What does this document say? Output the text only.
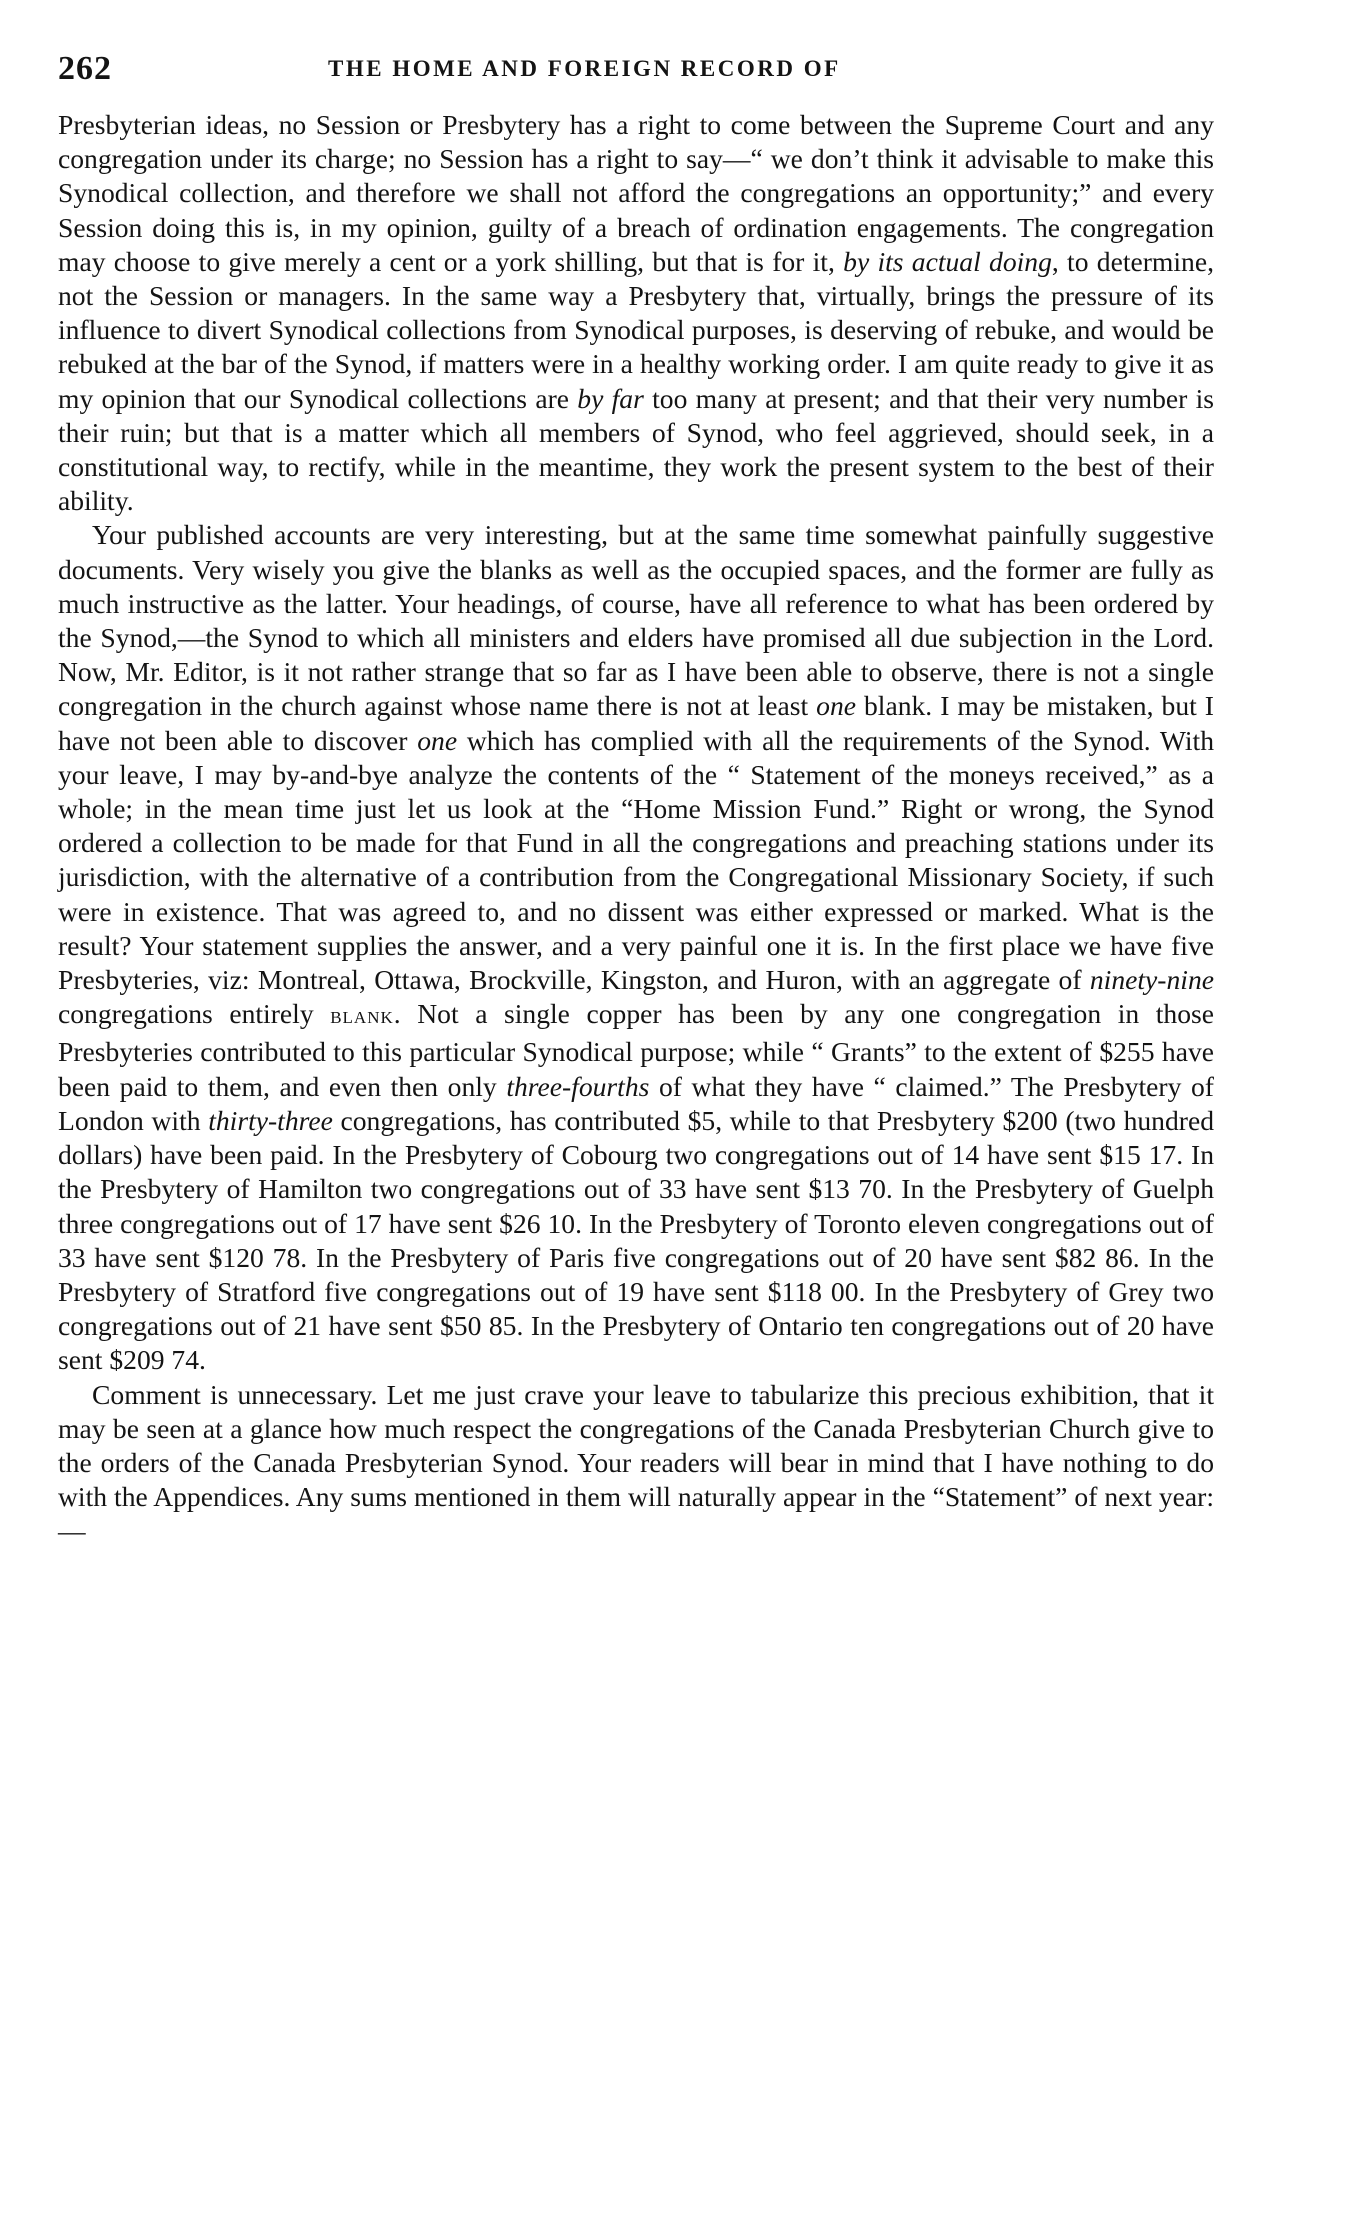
262	THE HOME AND FOREIGN RECORD OF

Presbyterian ideas, no Session or Presbytery has a right to come between the Supreme Court and any congregation under its charge; no Session has a right to say—“ we don’t think it advisable to make this Synodical collection, and therefore we shall not afford the congregations an opportunity;” and every Session doing this is, in my opinion, guilty of a breach of ordination engagements. The congregation may choose to give merely a cent or a york shilling, but that is for it, by its actual doing, to determine, not the Session or managers. In the same way a Presbytery that, virtually, brings the pressure of its influence to divert Synodical collections from Synodical purposes, is deserving of rebuke, and would be rebuked at the bar of the Synod, if matters were in a healthy working order. I am quite ready to give it as my opinion that our Synodical collections are by far too many at present; and that their very number is their ruin; but that is a matter which all members of Synod, who feel aggrieved, should seek, in a constitutional way, to rectify, while in the meantime, they work the present system to the best of their ability.

Your published accounts are very interesting, but at the same time somewhat painfully suggestive documents. Very wisely you give the blanks as well as the occupied spaces, and the former are fully as much instructive as the latter. Your headings, of course, have all reference to what has been ordered by the Synod,—the Synod to which all ministers and elders have promised all due subjection in the Lord. Now, Mr. Editor, is it not rather strange that so far as I have been able to observe, there is not a single congregation in the church against whose name there is not at least one blank. I may be mistaken, but I have not been able to discover one which has complied with all the requirements of the Synod. With your leave, I may by-and-bye analyze the contents of the “ Statement of the moneys received,” as a whole; in the mean time just let us look at the “Home Mission Fund.” Right or wrong, the Synod ordered a collection to be made for that Fund in all the congregations and preaching stations under its jurisdiction, with the alternative of a contribution from the Congregational Missionary Society, if such were in existence. That was agreed to, and no dissent was either expressed or marked. What is the result? Your statement supplies the answer, and a very painful one it is. In the first place we have five Presbyteries, viz: Montreal, Ottawa, Brockville, Kingston, and Huron, with an aggregate of ninety-nine congregations entirely BLANK. Not a single copper has been by any one congregation in those Presbyteries contributed to this particular Synodical purpose; while “ Grants” to the extent of $255 have been paid to them, and even then only three-fourths of what they have “ claimed.” The Presbytery of London with thirty-three congregations, has contributed $5, while to that Presbytery $200 (two hundred dollars) have been paid. In the Presbytery of Cobourg two congregations out of 14 have sent $15 17. In the Presbytery of Hamilton two congregations out of 33 have sent $13 70. In the Presbytery of Guelph three congregations out of 17 have sent $26 10. In the Presbytery of Toronto eleven congregations out of 33 have sent $120 78. In the Presbytery of Paris five congregations out of 20 have sent $82 86. In the Presbytery of Stratford five congregations out of 19 have sent $118 00. In the Presbytery of Grey two congregations out of 21 have sent $50 85. In the Presbytery of Ontario ten congregations out of 20 have sent $209 74.

Comment is unnecessary. Let me just crave your leave to tabularize this precious exhibition, that it may be seen at a glance how much respect the congregations of the Canada Presbyterian Church give to the orders of the Canada Presbyterian Synod. Your readers will bear in mind that I have nothing to do with the Appendices. Any sums mentioned in them will naturally appear in the “Statement” of next year:—
